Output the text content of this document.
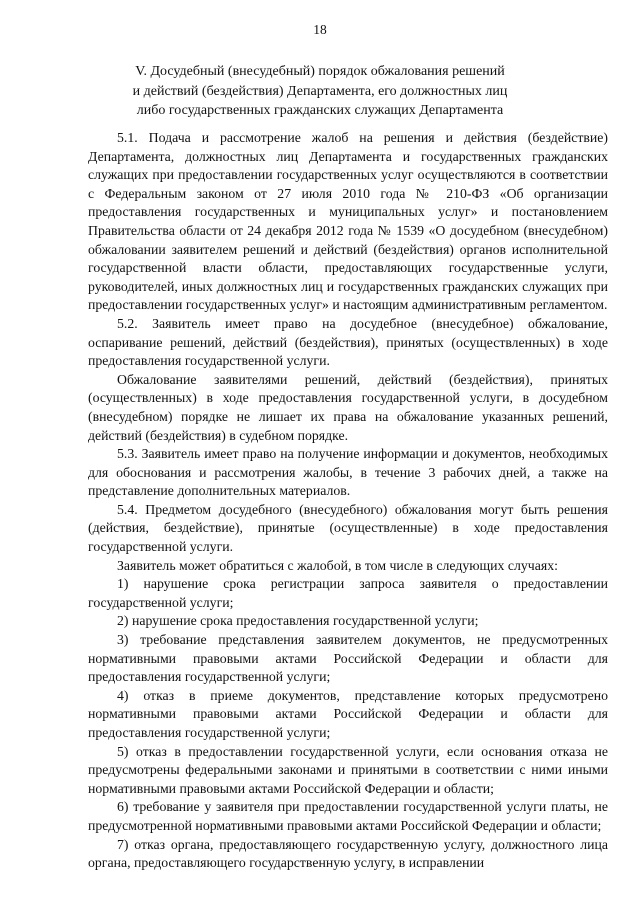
18
V. Досудебный (внесудебный) порядок обжалования решений
и действий (бездействия) Департамента, его должностных лиц
либо государственных гражданских служащих Департамента

5.1. Подача и рассмотрение жалоб на решения и действия (бездействие) Департамента, должностных лиц Департамента и государственных гражданских служащих при предоставлении государственных услуг осуществляются в соответствии с Федеральным законом от 27 июля 2010 года № 210-ФЗ «Об организации предоставления государственных и муниципальных услуг» и постановлением Правительства области от 24 декабря 2012 года № 1539 «О досудебном (внесудебном) обжаловании заявителем решений и действий (бездействия) органов исполнительной государственной власти области, предоставляющих государственные услуги, руководителей, иных должностных лиц и государственных гражданских служащих при предоставлении государственных услуг» и настоящим административным регламентом.

5.2. Заявитель имеет право на досудебное (внесудебное) обжалование, оспаривание решений, действий (бездействия), принятых (осуществленных) в ходе предоставления государственной услуги.

Обжалование заявителями решений, действий (бездействия), принятых (осуществленных) в ходе предоставления государственной услуги, в досудебном (внесудебном) порядке не лишает их права на обжалование указанных решений, действий (бездействия) в судебном порядке.

5.3. Заявитель имеет право на получение информации и документов, необходимых для обоснования и рассмотрения жалобы, в течение 3 рабочих дней, а также на представление дополнительных материалов.

5.4. Предметом досудебного (внесудебного) обжалования могут быть решения (действия, бездействие), принятые (осуществленные) в ходе предоставления государственной услуги.

Заявитель может обратиться с жалобой, в том числе в следующих случаях:

1) нарушение срока регистрации запроса заявителя о предоставлении государственной услуги;

2) нарушение срока предоставления государственной услуги;

3) требование представления заявителем документов, не предусмотренных нормативными правовыми актами Российской Федерации и области для предоставления государственной услуги;

4) отказ в приеме документов, представление которых предусмотрено нормативными правовыми актами Российской Федерации и области для предоставления государственной услуги;

5) отказ в предоставлении государственной услуги, если основания отказа не предусмотрены федеральными законами и принятыми в соответствии с ними иными нормативными правовыми актами Российской Федерации и области;

6) требование у заявителя при предоставлении государственной услуги платы, не предусмотренной нормативными правовыми актами Российской Федерации и области;

7) отказ органа, предоставляющего государственную услугу, должностного лица органа, предоставляющего государственную услугу, в исправлении
